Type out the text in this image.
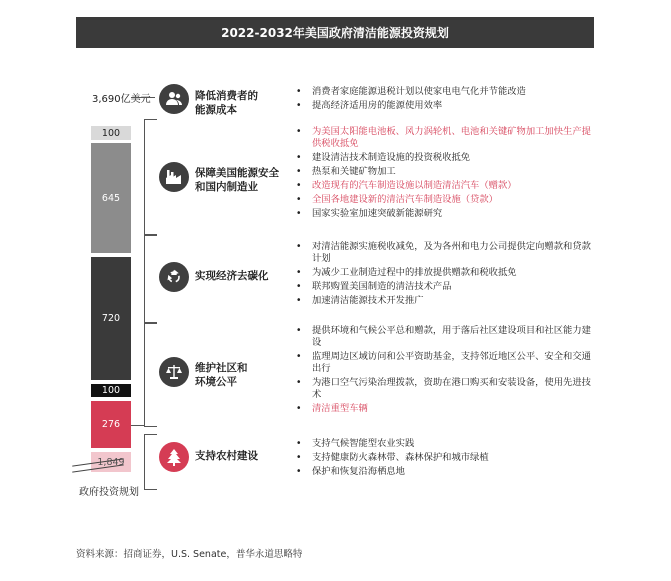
2022-2032年美国政府清洁能源投资规划
3,690亿美元
100
645
720
100
276
1,849
政府投资规划
降低消费者的能源成本
• 消费者家庭能源退税计划以使家电电气化并节能改造
• 提高经济适用房的能源使用效率
保障美国能源安全和国内制造业
• 为美国太阳能电池板、风力涡轮机、电池和关键矿物加工加快生产提供税收抵免
• 建设清洁技术制造设施的投资税收抵免
• 热泵和关键矿物加工
• 改造现有的汽车制造设施以制造清洁汽车（赠款）
• 全国各地建设新的清洁汽车制造设施（贷款）
• 国家实验室加速突破新能源研究
实现经济去碳化
• 对清洁能源实施税收减免，及为各州和电力公司提供定向赠款和贷款计划
• 为减少工业制造过程中的排放提供赠款和税收抵免
• 联邦购置美国制造的清洁技术产品
• 加速清洁能源技术开发推广
维护社区和环境公平
• 提供环境和气候公平总和赠款，用于落后社区建设项目和社区能力建设
• 监理周边区域访问和公平资助基金，支持邻近地区公平、安全和交通出行
• 为港口空气污染治理拨款，资助在港口购买和安装设备，使用先进技术
• 清洁重型车辆
支持农村建设
• 支持气候智能型农业实践
• 支持健康防火森林带、森林保护和城市绿植
• 保护和恢复沿海栖息地
资料来源：招商证券，U.S. Senate，普华永道思略特
